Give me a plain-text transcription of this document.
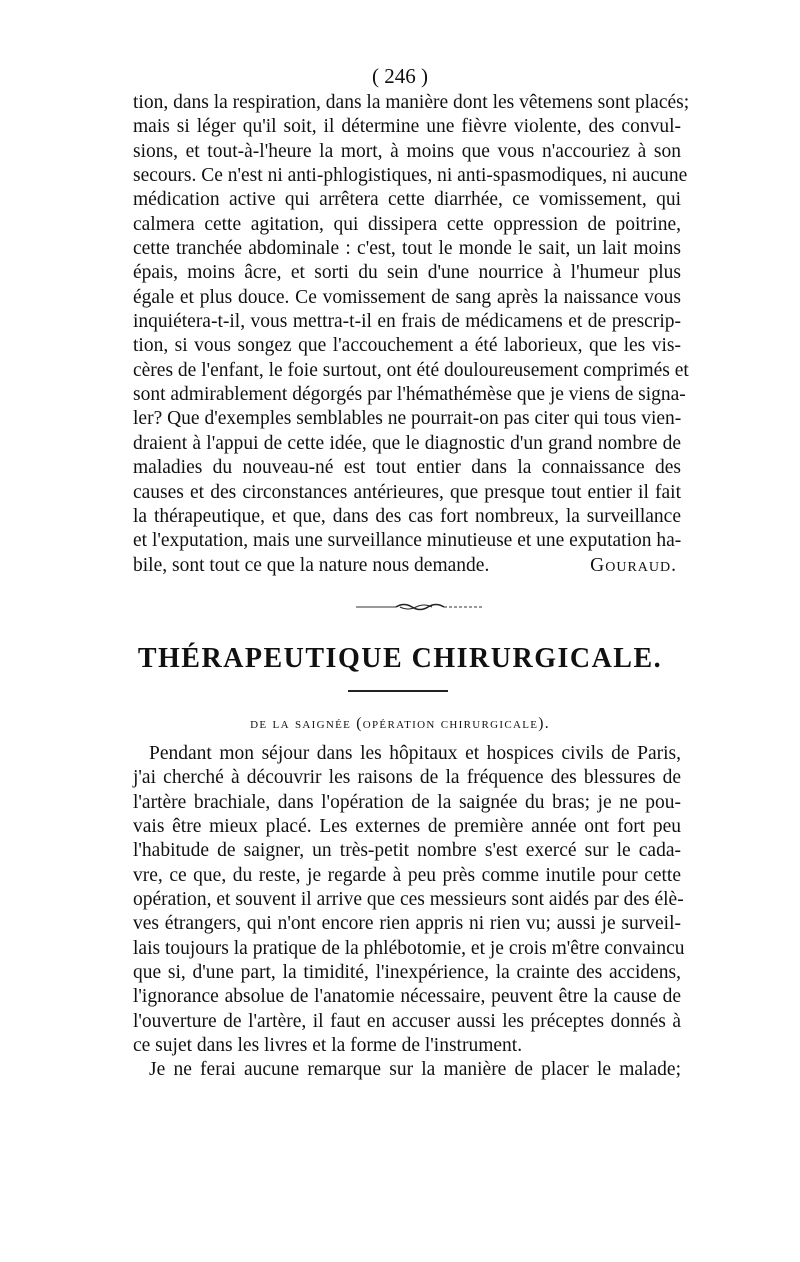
( 246 )
tion, dans la respiration, dans la manière dont les vêtemens sont placés;
mais si léger qu'il soit, il détermine une fièvre violente, des convul-
sions, et tout-à-l'heure la mort, à moins que vous n'accouriez à son
secours. Ce n'est ni anti-phlogistiques, ni anti-spasmodiques, ni aucune
médication active qui arrêtera cette diarrhée, ce vomissement, qui
calmera cette agitation, qui dissipera cette oppression de poitrine,
cette tranchée abdominale : c'est, tout le monde le sait, un lait moins
épais, moins âcre, et sorti du sein d'une nourrice à l'humeur plus
égale et plus douce. Ce vomissement de sang après la naissance vous
inquiétera-t-il, vous mettra-t-il en frais de médicamens et de prescrip-
tion, si vous songez que l'accouchement a été laborieux, que les vis-
cères de l'enfant, le foie surtout, ont été douloureusement comprimés et
sont admirablement dégorgés par l'hémathémèse que je viens de signa-
ler? Que d'exemples semblables ne pourrait-on pas citer qui tous vien-
draient à l'appui de cette idée, que le diagnostic d'un grand nombre de
maladies du nouveau-né est tout entier dans la connaissance des
causes et des circonstances antérieures, que presque tout entier il fait
la thérapeutique, et que, dans des cas fort nombreux, la surveillance
et l'exputation, mais une surveillance minutieuse et une exputation ha-
bile, sont tout ce que la nature nous demande.	Gouraud.
THÉRAPEUTIQUE CHIRURGICALE.
de la saignée (opération chirurgicale).
Pendant mon séjour dans les hôpitaux et hospices civils de Paris,
j'ai cherché à découvrir les raisons de la fréquence des blessures de
l'artère brachiale, dans l'opération de la saignée du bras; je ne pou-
vais être mieux placé. Les externes de première année ont fort peu
l'habitude de saigner, un très-petit nombre s'est exercé sur le cada-
vre, ce que, du reste, je regarde à peu près comme inutile pour cette
opération, et souvent il arrive que ces messieurs sont aidés par des élè-
ves étrangers, qui n'ont encore rien appris ni rien vu; aussi je surveil-
lais toujours la pratique de la phlébotomie, et je crois m'être convaincu
que si, d'une part, la timidité, l'inexpérience, la crainte des accidens,
l'ignorance absolue de l'anatomie nécessaire, peuvent être la cause de
l'ouverture de l'artère, il faut en accuser aussi les préceptes donnés à
ce sujet dans les livres et la forme de l'instrument.
Je ne ferai aucune remarque sur la manière de placer le malade;
